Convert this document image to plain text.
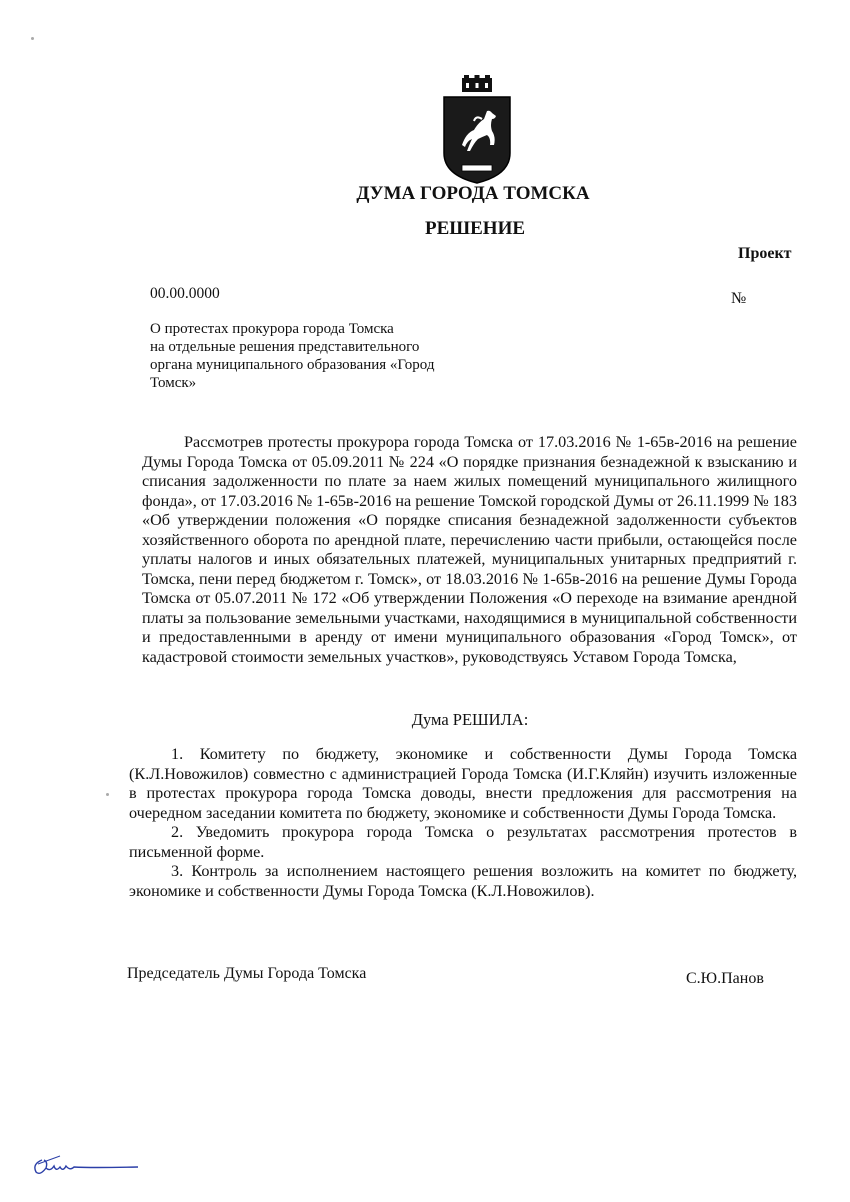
ДУМА ГОРОДА ТОМСКА
РЕШЕНИЕ
Проект
00.00.0000	№
О протестах прокурора города Томска
на отдельные решения представительного
органа муниципального образования «Город
Томск»

Рассмотрев протесты прокурора города Томска от 17.03.2016 № 1-65в-2016 на решение Думы Города Томска от 05.09.2011 № 224 «О порядке признания безнадежной к взысканию и списания задолженности по плате за наем жилых помещений муниципального жилищного фонда», от 17.03.2016 № 1-65в-2016 на решение Томской городской Думы от 26.11.1999 № 183 «Об утверждении положения «О порядке списания безнадежной задолженности субъектов хозяйственного оборота по арендной плате, перечислению части прибыли, остающейся после уплаты налогов и иных обязательных платежей, муниципальных унитарных предприятий г. Томска, пени перед бюджетом г. Томск», от 18.03.2016 № 1-65в-2016 на решение Думы Города Томска от 05.07.2011 № 172 «Об утверждении Положения «О переходе на взимание арендной платы за пользование земельными участками, находящимися в муниципальной собственности и предоставленными в аренду от имени муниципального образования «Город Томск», от кадастровой стоимости земельных участков», руководствуясь Уставом Города Томска,

Дума РЕШИЛА:

1. Комитету по бюджету, экономике и собственности Думы Города Томска (К.Л.Новожилов) совместно с администрацией Города Томска (И.Г.Кляйн) изучить изложенные в протестах прокурора города Томска доводы, внести предложения для рассмотрения на очередном заседании комитета по бюджету, экономике и собственности Думы Города Томска.

2. Уведомить прокурора города Томска о результатах рассмотрения протестов в письменной форме.

3. Контроль за исполнением настоящего решения возложить на комитет по бюджету, экономике и собственности Думы Города Томска (К.Л.Новожилов).

Председатель Думы Города Томска	С.Ю.Панов
